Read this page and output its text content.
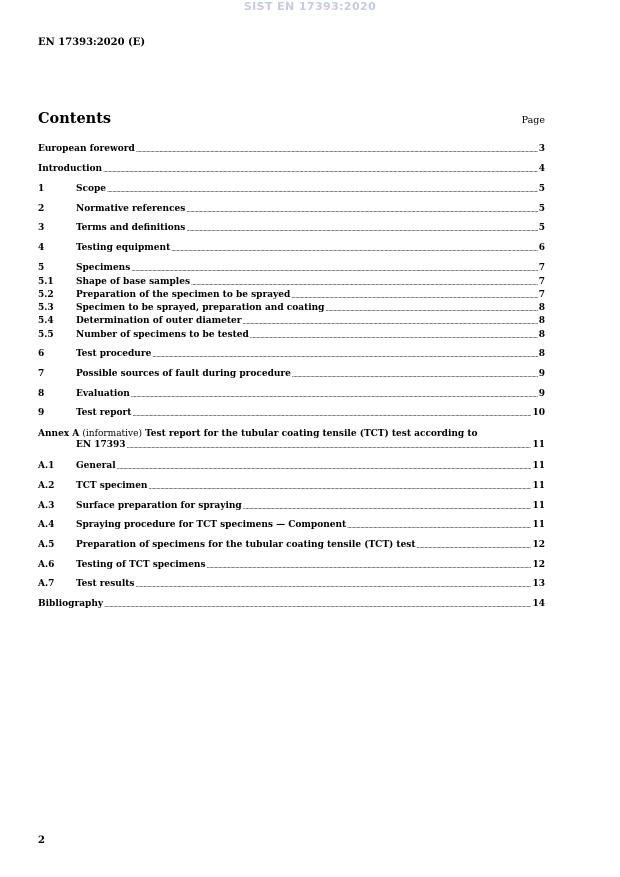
SIST EN 17393:2020
EN 17393:2020 (E)
Contents	Page
European foreword .....	3
Introduction .....	4
1	Scope .....	5
2	Normative references .....	5
3	Terms and definitions .....	5
4	Testing equipment .....	6
5	Specimens .....	7
5.1	Shape of base samples .....	7
5.2	Preparation of the specimen to be sprayed .....	7
5.3	Specimen to be sprayed, preparation and coating .....	8
5.4	Determination of outer diameter .....	8
5.5	Number of specimens to be tested .....	8
6	Test procedure .....	8
7	Possible sources of fault during procedure .....	9
8	Evaluation .....	9
9	Test report .....	10
Annex A (informative) Test report for the tubular coating tensile (TCT) test according to
EN 17393 .....	11
A.1	General .....	11
A.2	TCT specimen .....	11
A.3	Surface preparation for spraying .....	11
A.4	Spraying procedure for TCT specimens — Component .....	11
A.5	Preparation of specimens for the tubular coating tensile (TCT) test .....	12
A.6	Testing of TCT specimens .....	12
A.7	Test results .....	13
Bibliography .....	14
2
